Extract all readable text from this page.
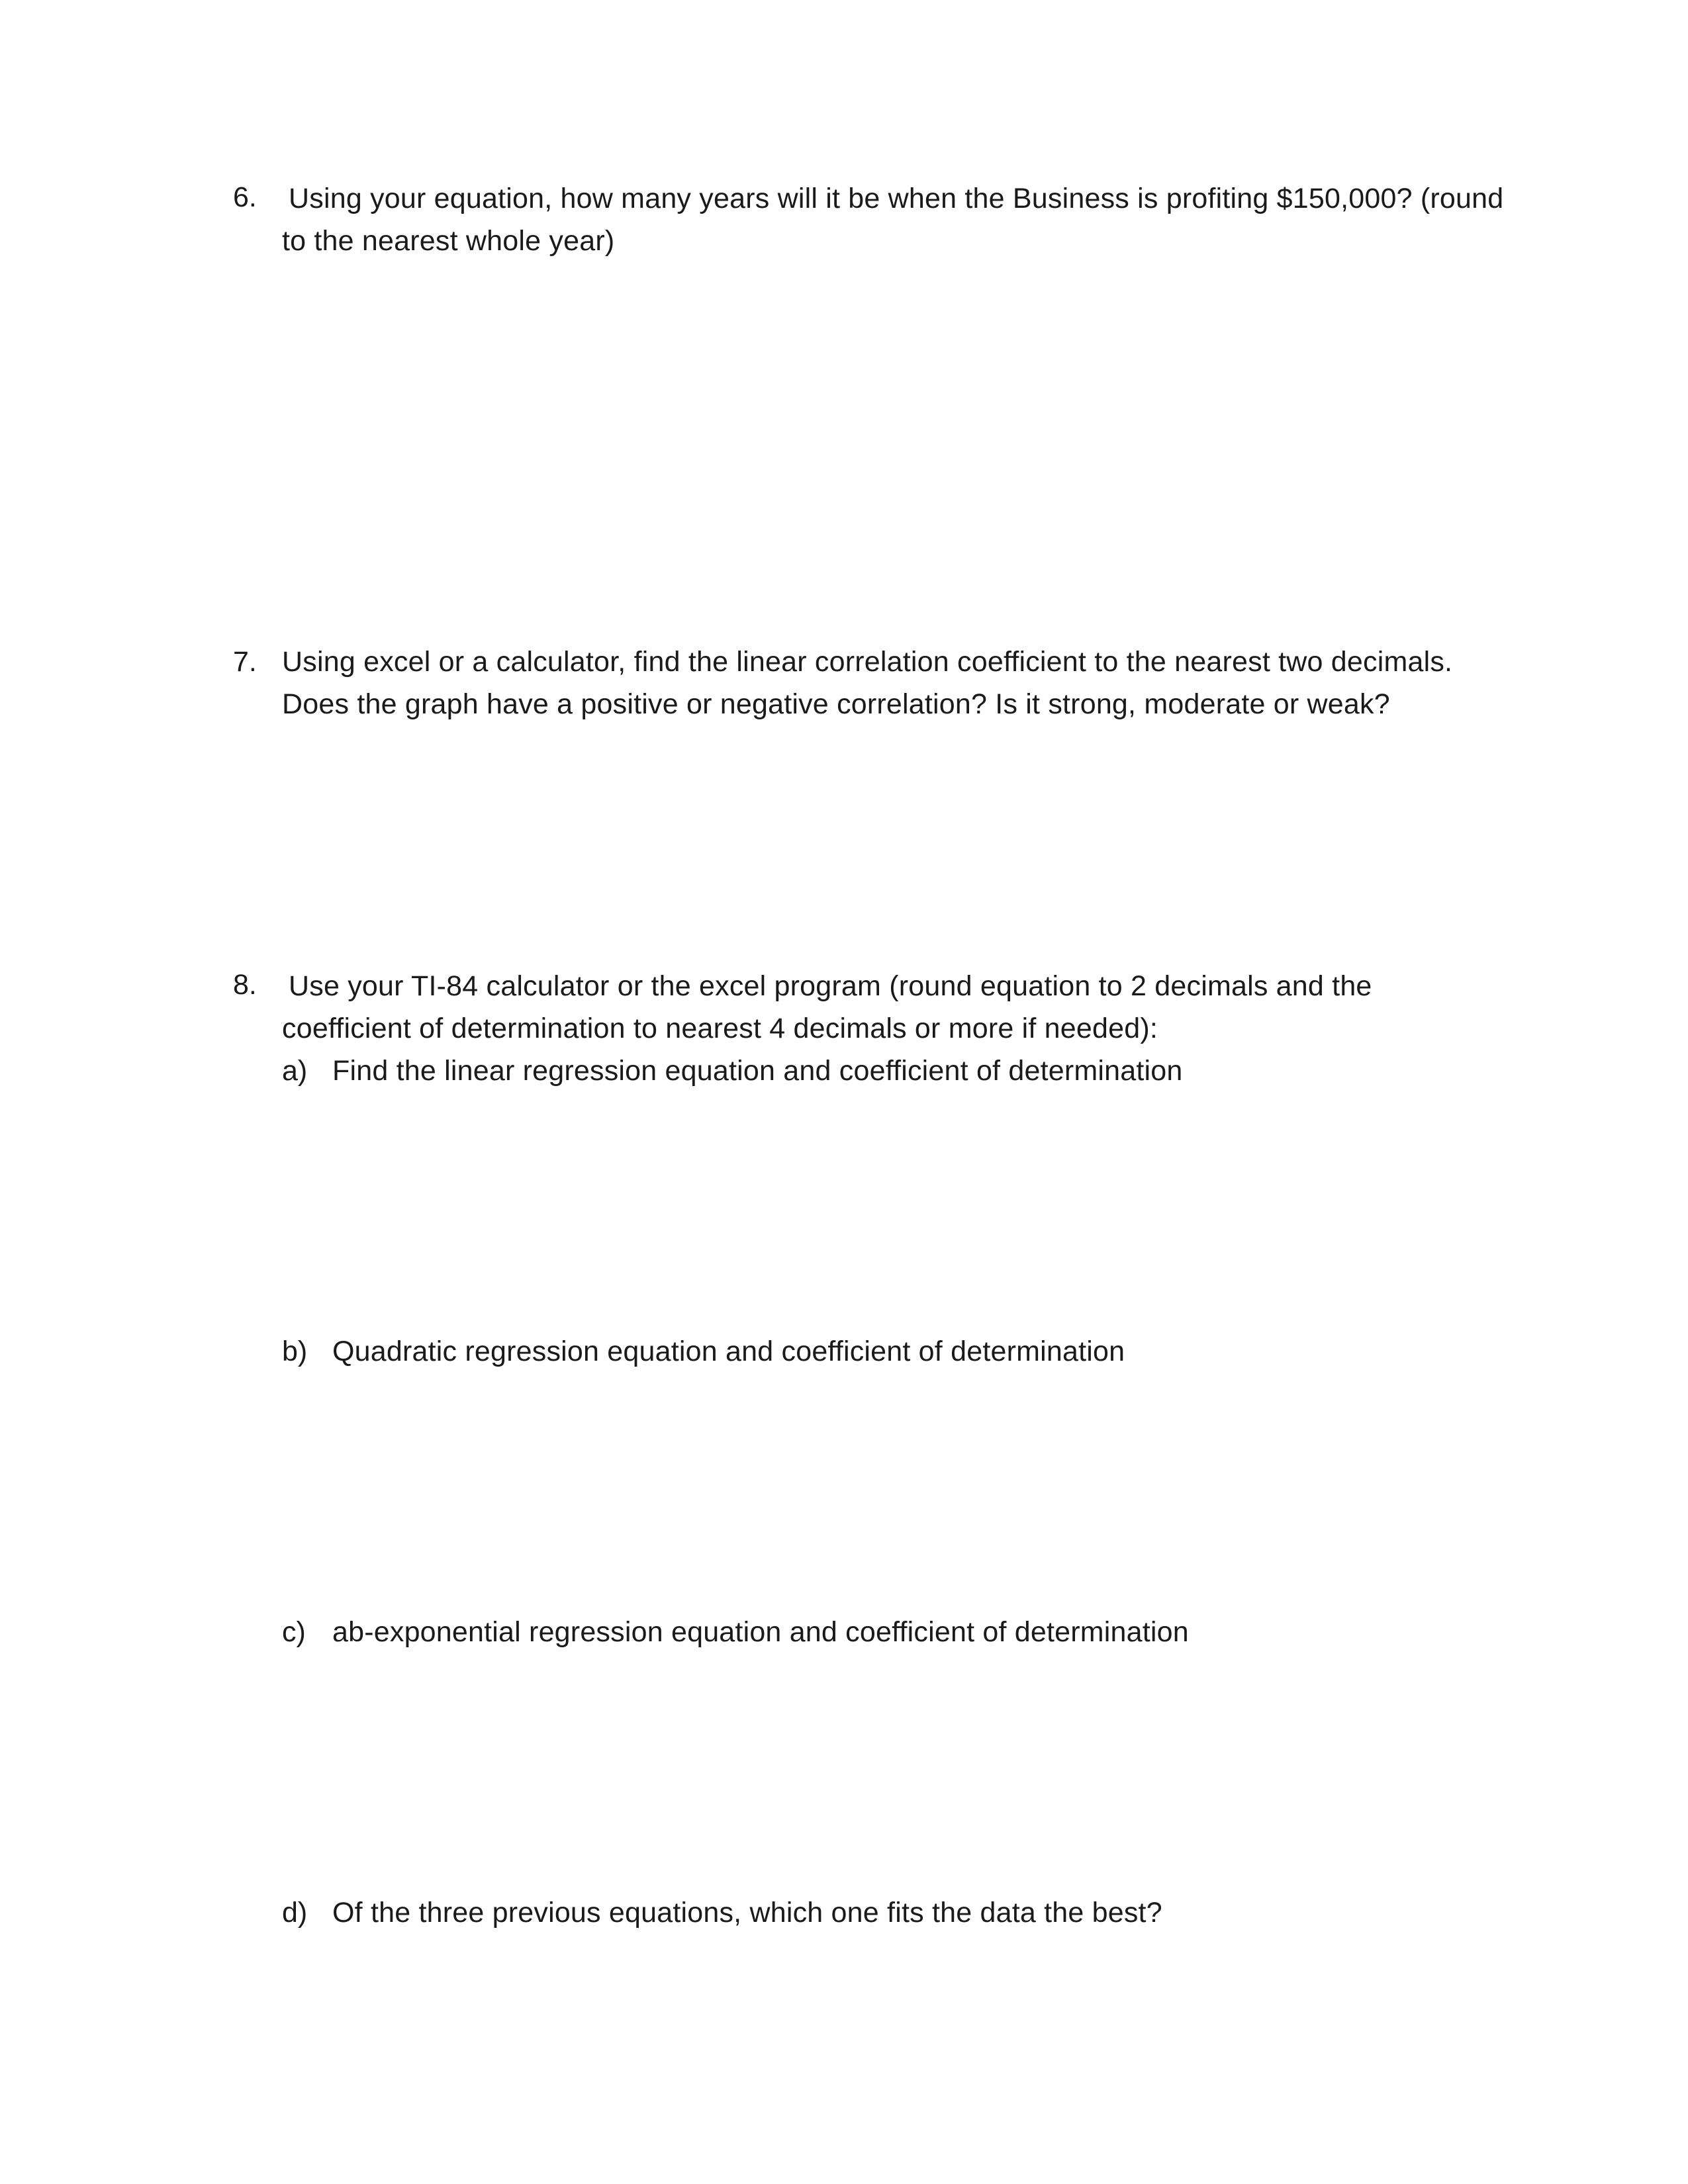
6. Using your equation, how many years will it be when the Business is profiting $150,000? (round
to the nearest whole year)
7. Using excel or a calculator, find the linear correlation coefficient to the nearest two decimals.
Does the graph have a positive or negative correlation? Is it strong, moderate or weak?
8. Use your TI-84 calculator or the excel program (round equation to 2 decimals and the
coefficient of determination to nearest 4 decimals or more if needed):
a) Find the linear regression equation and coefficient of determination
b) Quadratic regression equation and coefficient of determination
c) ab-exponential regression equation and coefficient of determination
d) Of the three previous equations, which one fits the data the best?
